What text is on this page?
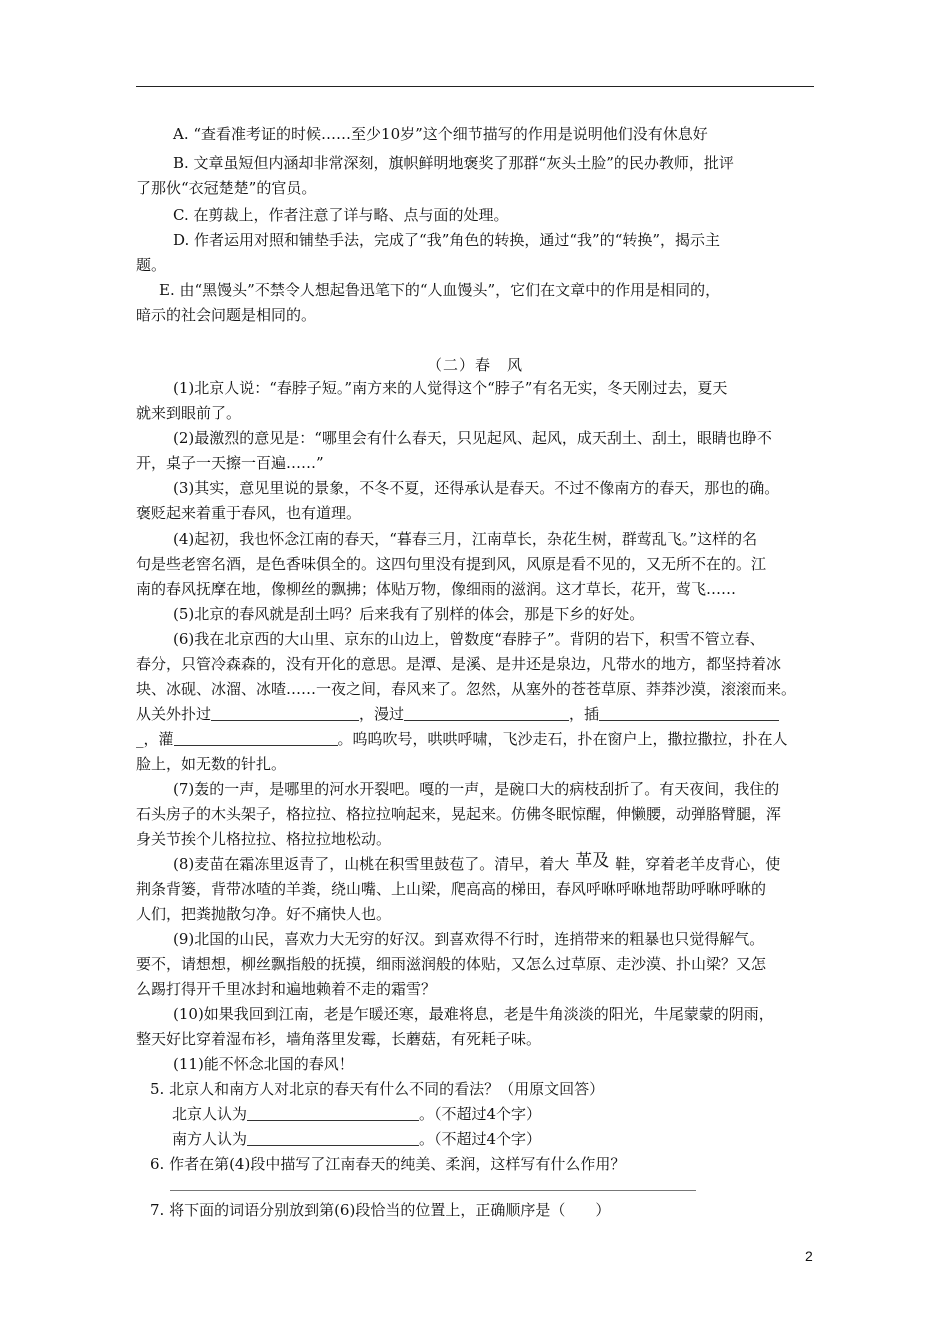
A. “查看准考证的时候……至少10岁”这个细节描写的作用是说明他们没有休息好
B. 文章虽短但内涵却非常深刻，旗帜鲜明地褒奖了那群“灰头土脸”的民办教师，批评
了那伙“衣冠楚楚”的官员。
C. 在剪裁上，作者注意了详与略、点与面的处理。
D. 作者运用对照和铺垫手法，完成了“我”角色的转换，通过“我”的“转换”，揭示主
题。
E. 由“黑馒头”不禁令人想起鲁迅笔下的“人血馒头”，它们在文章中的作用是相同的，
暗示的社会问题是相同的。
（二）春　风
(1)北京人说：“春脖子短。”南方来的人觉得这个“脖子”有名无实，冬天刚过去，夏天
就来到眼前了。
(2)最激烈的意见是：“哪里会有什么春天，只见起风、起风，成天刮土、刮土，眼睛也睁不
开，桌子一天擦一百遍……”
(3)其实，意见里说的景象，不冬不夏，还得承认是春天。不过不像南方的春天，那也的确。
褒贬起来着重于春风，也有道理。
(4)起初，我也怀念江南的春天，“暮春三月，江南草长，杂花生树，群莺乱飞。”这样的名
句是些老窖名酒，是色香味俱全的。这四句里没有提到风，风原是看不见的，又无所不在的。江
南的春风抚摩在地，像柳丝的飘拂；体贴万物，像细雨的滋润。这才草长，花开，莺飞……
(5)北京的春风就是刮土吗？后来我有了别样的体会，那是下乡的好处。
(6)我在北京西的大山里、京东的山边上，曾数度“春脖子”。背阴的岩下，积雪不管立春、
春分，只管冷森森的，没有开化的意思。是潭、是溪、是井还是泉边，凡带水的地方，都坚持着冰
块、冰砚、冰溜、冰喳……一夜之间，春风来了。忽然，从塞外的苍苍草原、莽莽沙漠，滚滚而来。
从关外扑过	，漫过	，插
_，灌	。呜呜吹号，哄哄呼啸，飞沙走石，扑在窗户上，撒拉撒拉，扑在人
脸上，如无数的针扎。
(7)轰的一声，是哪里的河水开裂吧。嘎的一声，是碗口大的病枝刮折了。有天夜间，我住的
石头房子的木头架子，格拉拉、格拉拉响起来，晃起来。仿佛冬眠惊醒，伸懒腰，动弹胳臂腿，浑
身关节挨个儿格拉拉、格拉拉地松动。
(8)麦苗在霜冻里返青了，山桃在积雪里鼓苞了。清早，着大 革及 鞋，穿着老羊皮背心，使
荆条背篓，背带冰喳的羊粪，绕山嘴、上山梁，爬高高的梯田，春风呼咻呼咻地帮助呼咻呼咻的
人们，把粪抛散匀净。好不痛快人也。
(9)北国的山民，喜欢力大无穷的好汉。到喜欢得不行时，连捎带来的粗暴也只觉得解气。
要不，请想想，柳丝飘指般的抚摸，细雨滋润般的体贴，又怎么过草原、走沙漠、扑山梁？又怎
么踢打得开千里冰封和遍地赖着不走的霜雪？
(10)如果我回到江南，老是乍暖还寒，最难将息，老是牛角淡淡的阳光，牛尾蒙蒙的阴雨，
整天好比穿着湿布衫，墙角落里发霉，长蘑菇，有死耗子味。
(11)能不怀念北国的春风！
5. 北京人和南方人对北京的春天有什么不同的看法？（用原文回答）
北京人认为	。（不超过4个字）
南方人认为	。（不超过4个字）
6. 作者在第(4)段中描写了江南春天的纯美、柔润，这样写有什么作用？
7. 将下面的词语分别放到第(6)段恰当的位置上，正确顺序是（　　）
2
